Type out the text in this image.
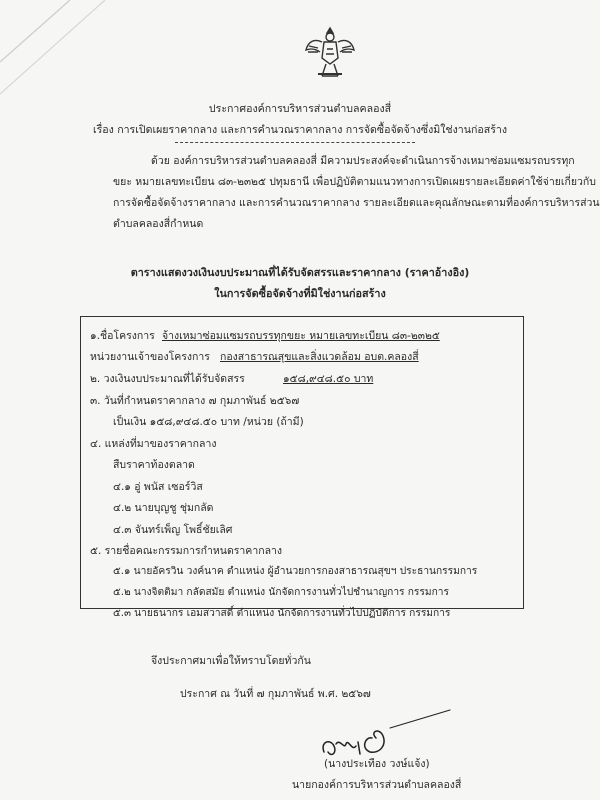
ประกาศองค์การบริหารส่วนตำบลคลองสี่
เรื่อง การเปิดเผยราคากลาง และการคำนวณราคากลาง การจัดซื้อจัดจ้างซึ่งมิใช่งานก่อสร้าง
ด้วย องค์การบริหารส่วนตำบลคลองสี่ มีความประสงค์จะดำเนินการจ้างเหมาซ่อมแซมรถบรรทุก
ขยะ หมายเลขทะเบียน ๘๓-๒๓๒๕ ปทุมธานี เพื่อปฏิบัติตามแนวทางการเปิดเผยรายละเอียดค่าใช้จ่ายเกี่ยวกับ
การจัดซื้อจัดจ้างราคากลาง และการคำนวณราคากลาง รายละเอียดและคุณลักษณะตามที่องค์การบริหารส่วน
ตำบลคลองสี่กำหนด
ตารางแสดงวงเงินงบประมาณที่ได้รับจัดสรรและราคากลาง (ราคาอ้างอิง)
ในการจัดซื้อจัดจ้างที่มิใช่งานก่อสร้าง
๑.ชื่อโครงการ จ้างเหมาซ่อมแซมรถบรรทุกขยะ หมายเลขทะเบียน ๘๓-๒๓๒๕
หน่วยงานเจ้าของโครงการ กองสาธารณสุขและสิ่งแวดล้อม อบต.คลองสี่
๒. วงเงินงบประมาณที่ได้รับจัดสรร	๑๕๘,๙๔๘.๕๐ บาท
๓. วันที่กำหนดราคากลาง ๗ กุมภาพันธ์ ๒๕๖๗
เป็นเงิน ๑๕๘,๙๔๘.๕๐ บาท /หน่วย (ถ้ามี)
๔. แหล่งที่มาของราคากลาง
สืบราคาท้องตลาด
๔.๑ อู่ พนัส เซอร์วิส
๔.๒ นายบุญชู ชุ่มกลัด
๔.๓ จันทร์เพ็ญ โพธิ์ชัยเลิศ
๕. รายชื่อคณะกรรมการกำหนดราคากลาง
๕.๑ นายอัครวิน วงค์นาค ตำแหน่ง ผู้อำนวยการกองสาธารณสุขฯ ประธานกรรมการ
๕.๒ นางจิตติมา กลัดสมัย ตำแหน่ง นักจัดการงานทั่วไปชำนาญการ กรรมการ
๕.๓ นายธนากร เอมสวาสดิ์ ตำแหน่ง นักจัดการงานทั่วไปปฏิบัติการ กรรมการ
จึงประกาศมาเพื่อให้ทราบโดยทั่วกัน
ประกาศ ณ วันที่ ๗ กุมภาพันธ์ พ.ศ. ๒๕๖๗
(นางประเทือง วงษ์แจ้ง)
นายกองค์การบริหารส่วนตำบลคลองสี่
